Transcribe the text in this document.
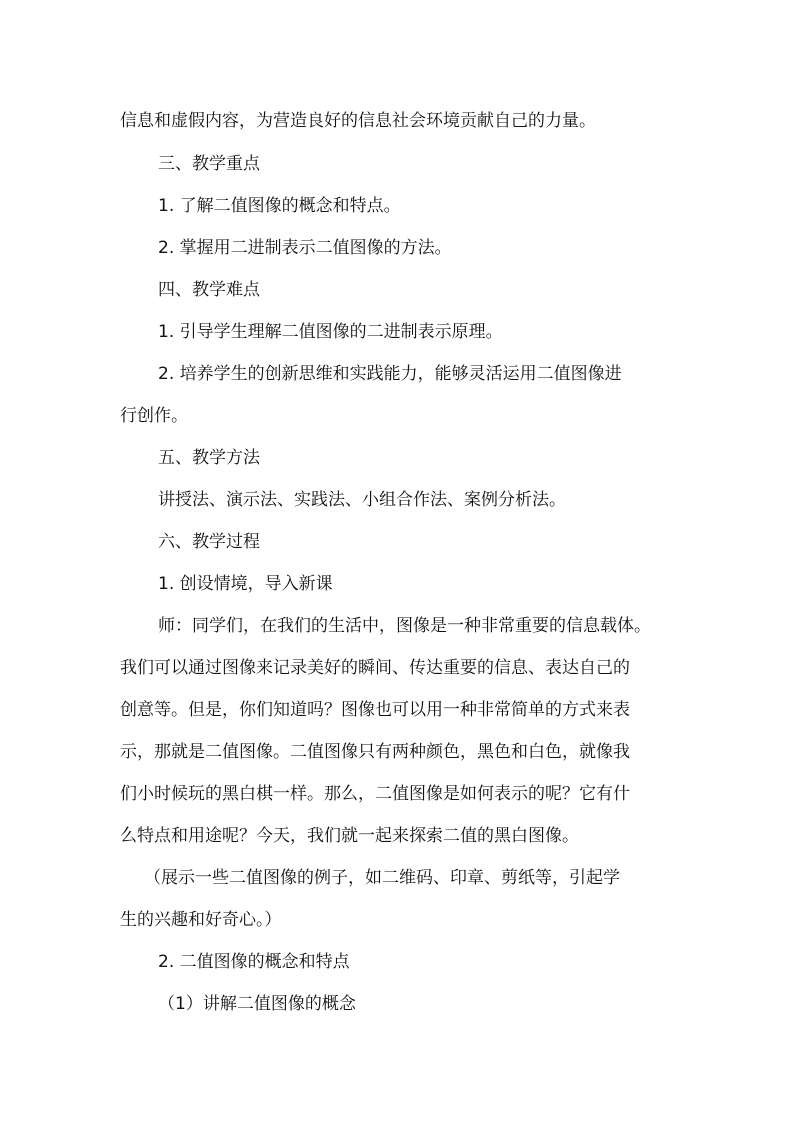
信息和虚假内容，为营造良好的信息社会环境贡献自己的力量。
三、教学重点
1. 了解二值图像的概念和特点。
2. 掌握用二进制表示二值图像的方法。
四、教学难点
1. 引导学生理解二值图像的二进制表示原理。
2. 培养学生的创新思维和实践能力，能够灵活运用二值图像进
行创作。
五、教学方法
讲授法、演示法、实践法、小组合作法、案例分析法。
六、教学过程
1. 创设情境，导入新课
师：同学们，在我们的生活中，图像是一种非常重要的信息载体。
我们可以通过图像来记录美好的瞬间、传达重要的信息、表达自己的
创意等。但是，你们知道吗？图像也可以用一种非常简单的方式来表
示，那就是二值图像。二值图像只有两种颜色，黑色和白色，就像我
们小时候玩的黑白棋一样。那么，二值图像是如何表示的呢？它有什
么特点和用途呢？今天，我们就一起来探索二值的黑白图像。
（展示一些二值图像的例子，如二维码、印章、剪纸等，引起学
生的兴趣和好奇心。）
2. 二值图像的概念和特点
（1）讲解二值图像的概念
